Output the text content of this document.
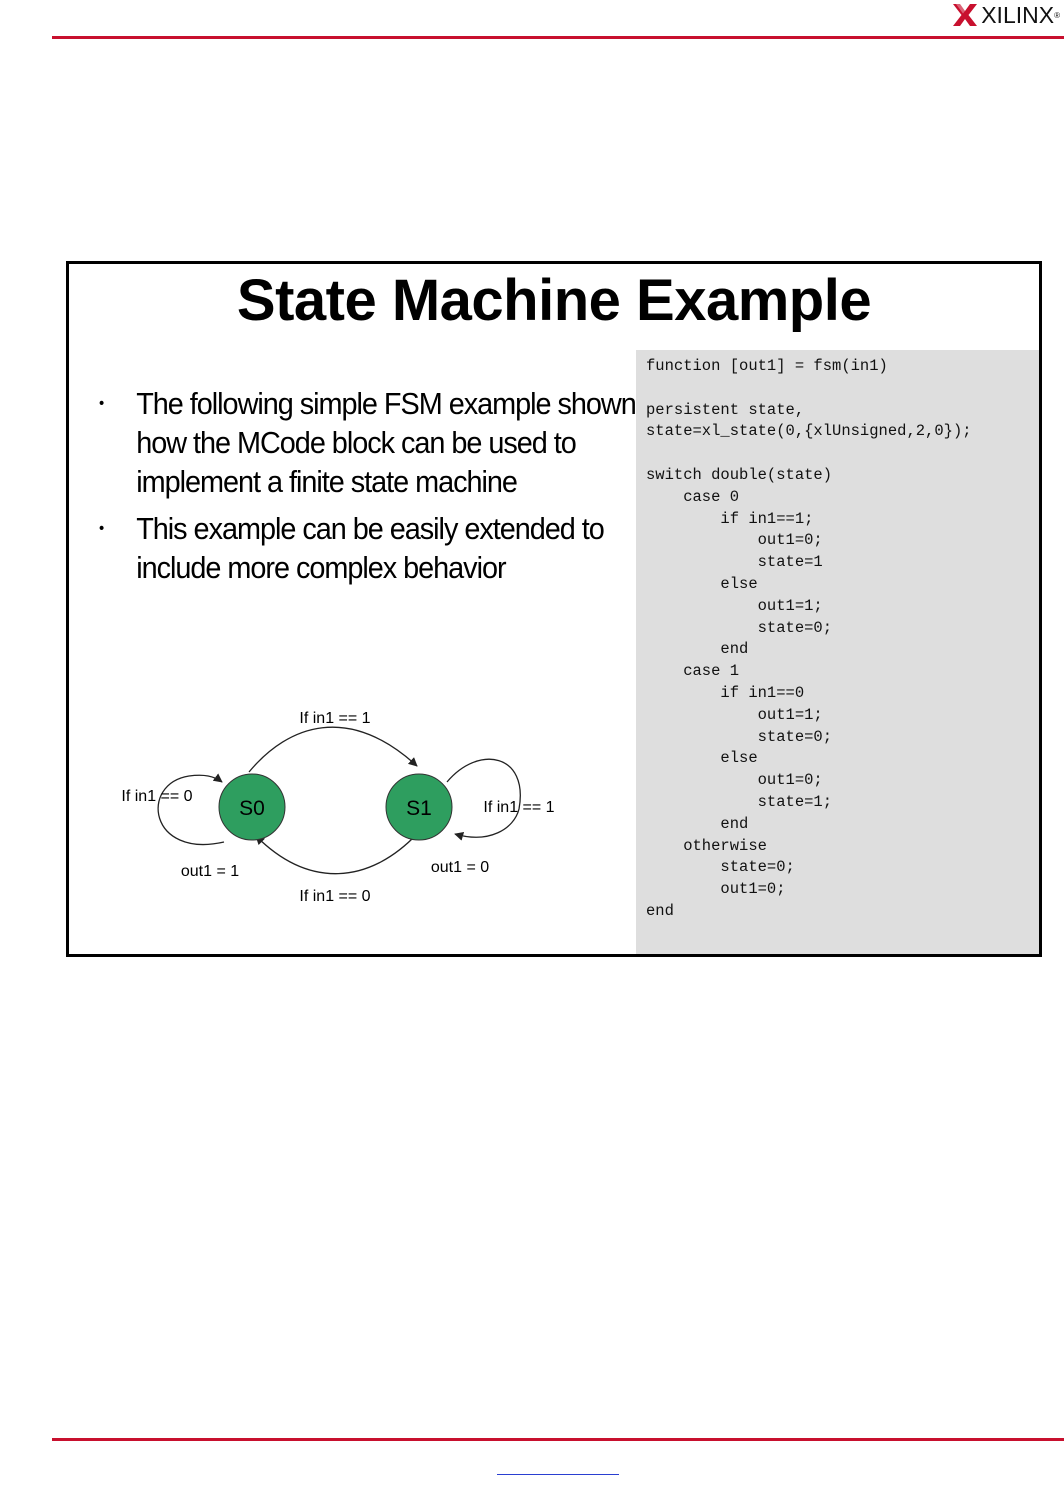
XILINX ®
State Machine Example
• The following simple FSM example shown how the MCode block can be used to implement a finite state machine
• This example can be easily extended to include more complex behavior
S0	S1
If in1 == 1
If in1 == 0
If in1 == 0
If in1 == 1
out1 = 1	out1 = 0
function [out1] = fsm(in1)
persistent state,
state=xl_state(0,{xlUnsigned,2,0});
switch double(state)
case 0
if in1==1;
out1=0;
state=1
else
out1=1;
state=0;
end
case 1
if in1==0
out1=1;
state=0;
else
out1=0;
state=1;
end
otherwise
state=0;
out1=0;
end
